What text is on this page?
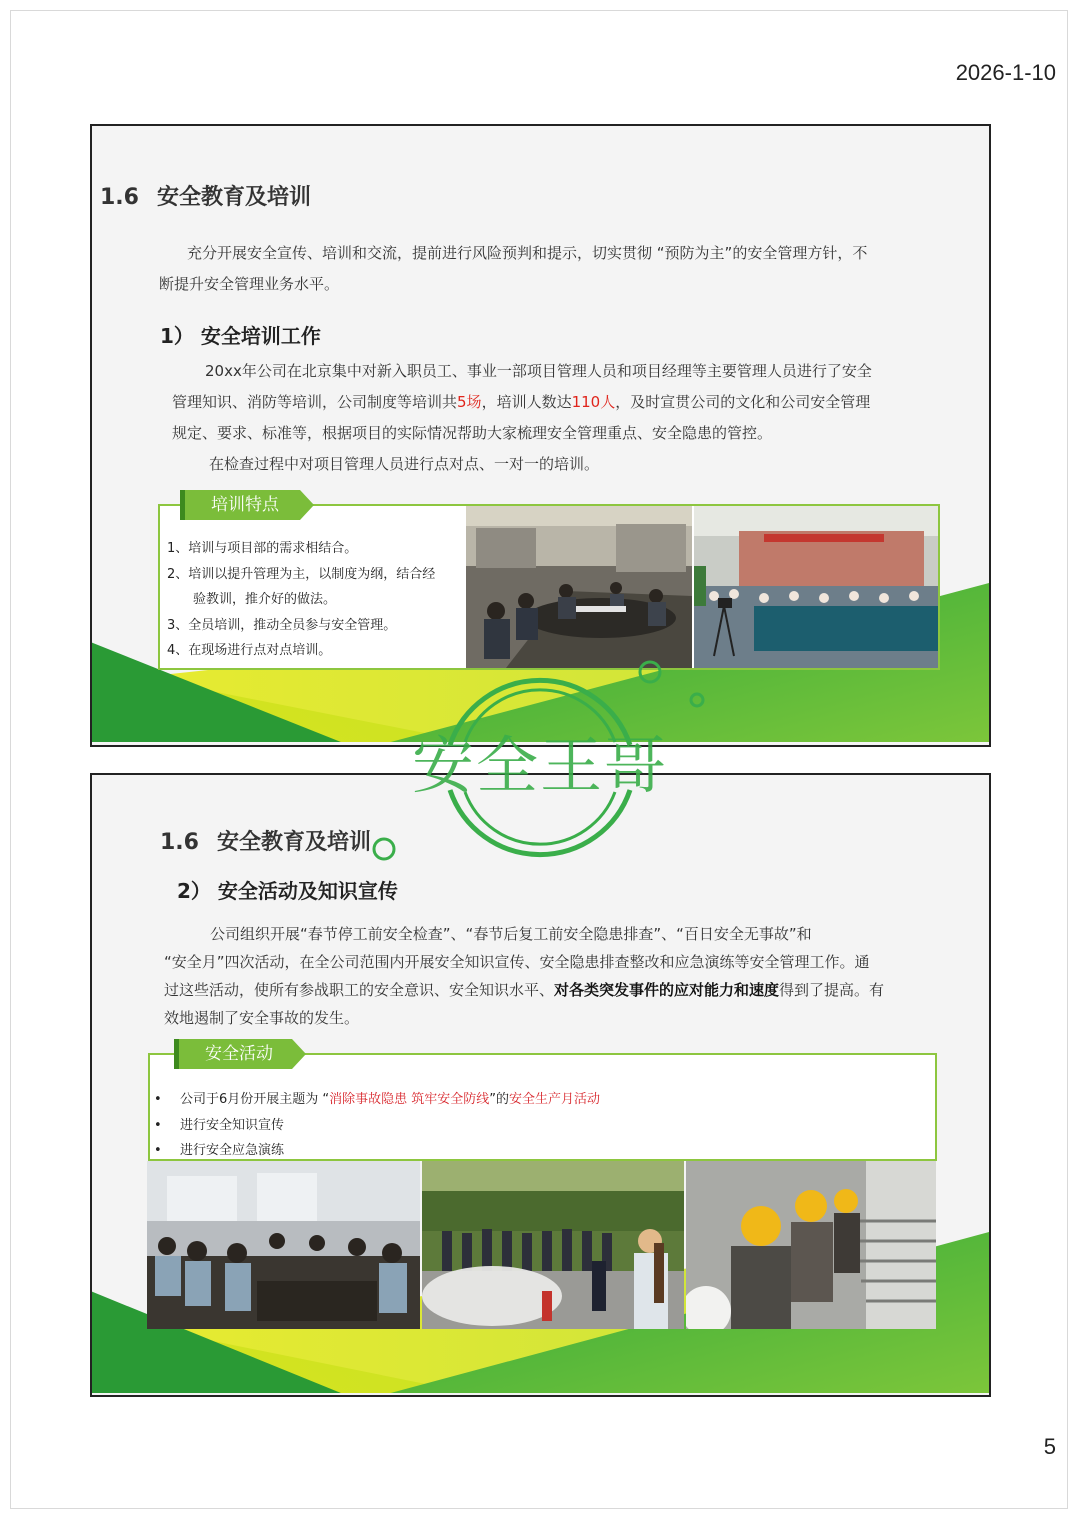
2026-1-10
1.6 安全教育及培训
充分开展安全宣传、培训和交流，提前进行风险预判和提示，切实贯彻 “预防为主”的安全管理方针，不
断提升安全管理业务水平。
1） 安全培训工作
20xx年公司在北京集中对新入职员工、事业一部项目管理人员和项目经理等主要管理人员进行了安全
管理知识、消防等培训，公司制度等培训共5场，培训人数达110人，及时宣贯公司的文化和公司安全管理
规定、要求、标准等，根据项目的实际情况帮助大家梳理安全管理重点、安全隐患的管控。
在检查过程中对项目管理人员进行点对点、一对一的培训。
培训特点
1、培训与项目部的需求相结合。
2、培训以提升管理为主，以制度为纲，结合经
验教训，推介好的做法。
3、全员培训，推动全员参与安全管理。
4、在现场进行点对点培训。
1.6 安全教育及培训
2） 安全活动及知识宣传
公司组织开展“春节停工前安全检查”、“春节后复工前安全隐患排查”、“百日安全无事故”和
“安全月”四次活动，在全公司范围内开展安全知识宣传、安全隐患排查整改和应急演练等安全管理工作。通
过这些活动，使所有参战职工的安全意识、安全知识水平、对各类突发事件的应对能力和速度得到了提高。有
效地遏制了安全事故的发生。
安全活动
• 公司于6月份开展主题为 “消除事故隐患 筑牢安全防线”的安全生产月活动
• 进行安全知识宣传
• 进行安全应急演练
安全王哥
5
